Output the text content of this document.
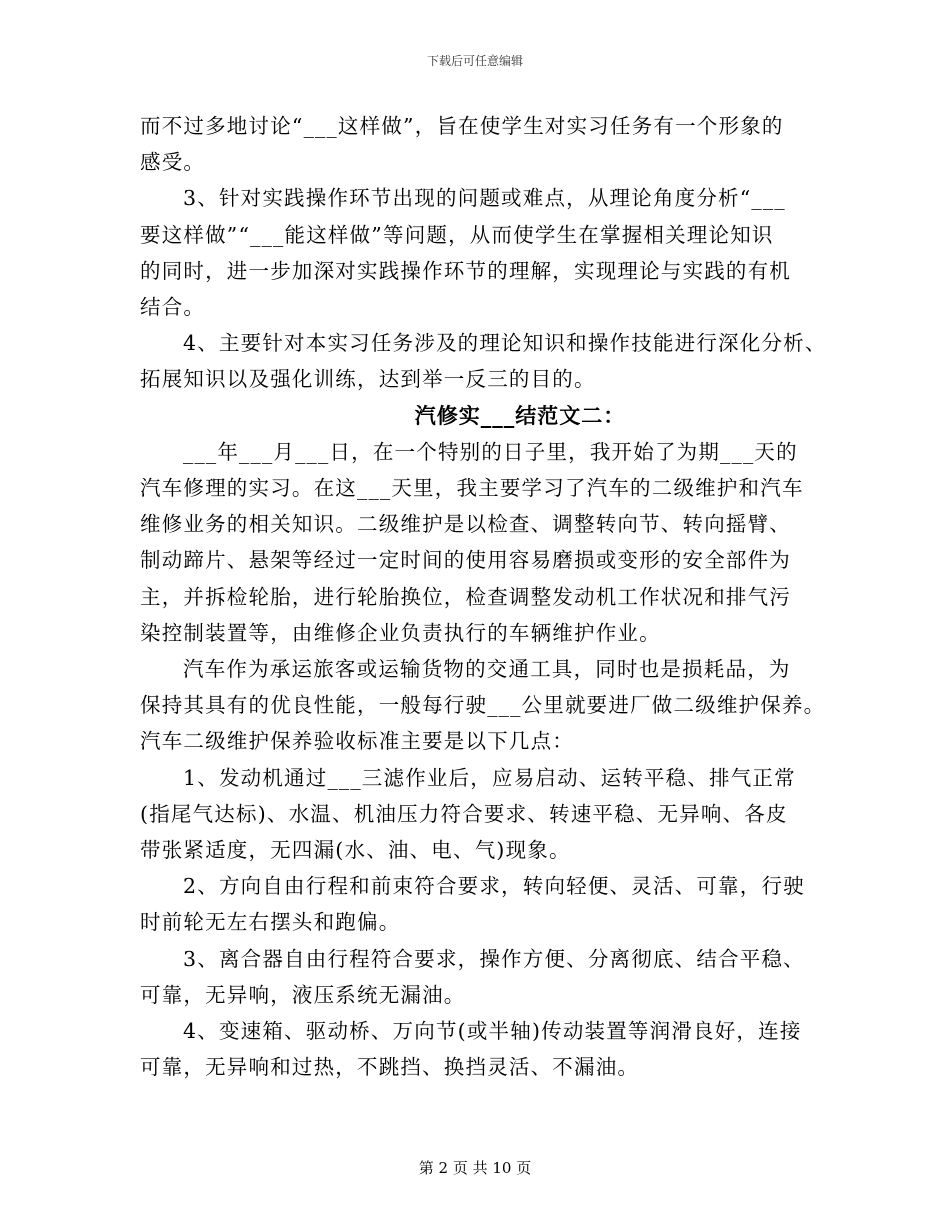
下载后可任意编辑
而不过多地讨论“___这样做”，旨在使学生对实习任务有一个形象的
感受。
3、针对实践操作环节出现的问题或难点，从理论角度分析“___
要这样做”“___能这样做”等问题，从而使学生在掌握相关理论知识
的同时，进一步加深对实践操作环节的理解，实现理论与实践的有机
结合。
4、主要针对本实习任务涉及的理论知识和操作技能进行深化分析、
拓展知识以及强化训练，达到举一反三的目的。
汽修实___结范文二：
___年___月___日，在一个特别的日子里，我开始了为期___天的
汽车修理的实习。在这___天里，我主要学习了汽车的二级维护和汽车
维修业务的相关知识。二级维护是以检查、调整转向节、转向摇臂、
制动蹄片、悬架等经过一定时间的使用容易磨损或变形的安全部件为
主，并拆检轮胎，进行轮胎换位，检查调整发动机工作状况和排气污
染控制装置等，由维修企业负责执行的车辆维护作业。
汽车作为承运旅客或运输货物的交通工具，同时也是损耗品，为
保持其具有的优良性能，一般每行驶___公里就要进厂做二级维护保养。
汽车二级维护保养验收标准主要是以下几点：
1、发动机通过___三滤作业后，应易启动、运转平稳、排气正常
(指尾气达标)、水温、机油压力符合要求、转速平稳、无异响、各皮
带张紧适度，无四漏(水、油、电、气)现象。
2、方向自由行程和前束符合要求，转向轻便、灵活、可靠，行驶
时前轮无左右摆头和跑偏。
3、离合器自由行程符合要求，操作方便、分离彻底、结合平稳、
可靠，无异响，液压系统无漏油。
4、变速箱、驱动桥、万向节(或半轴)传动装置等润滑良好，连接
可靠，无异响和过热，不跳挡、换挡灵活、不漏油。
第 2 页 共 10 页
